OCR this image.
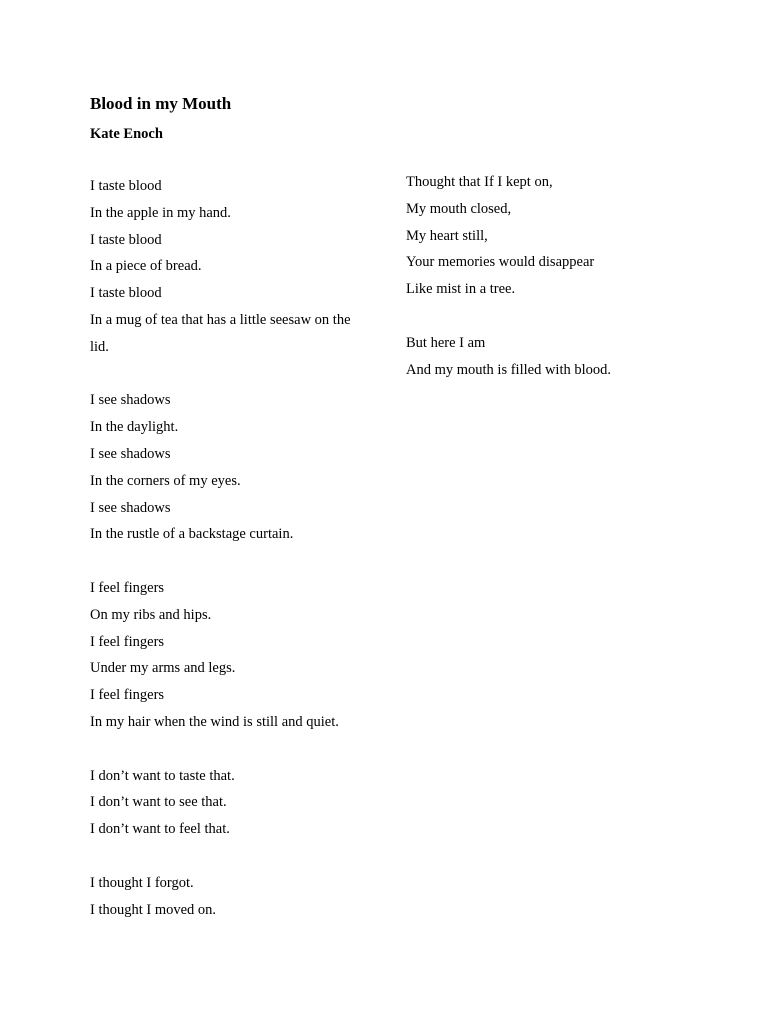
Blood in my Mouth
Kate Enoch
I taste blood
In the apple in my hand.
I taste blood
In a piece of bread.
I taste blood
In a mug of tea that has a little seesaw on the
lid.
I see shadows
In the daylight.
I see shadows
In the corners of my eyes.
I see shadows
In the rustle of a backstage curtain.
I feel fingers
On my ribs and hips.
I feel fingers
Under my arms and legs.
I feel fingers
In my hair when the wind is still and quiet.
I don’t want to taste that.
I don’t want to see that.
I don’t want to feel that.
I thought I forgot.
I thought I moved on.
Thought that If I kept on,
My mouth closed,
My heart still,
Your memories would disappear
Like mist in a tree.
But here I am
And my mouth is filled with blood.
